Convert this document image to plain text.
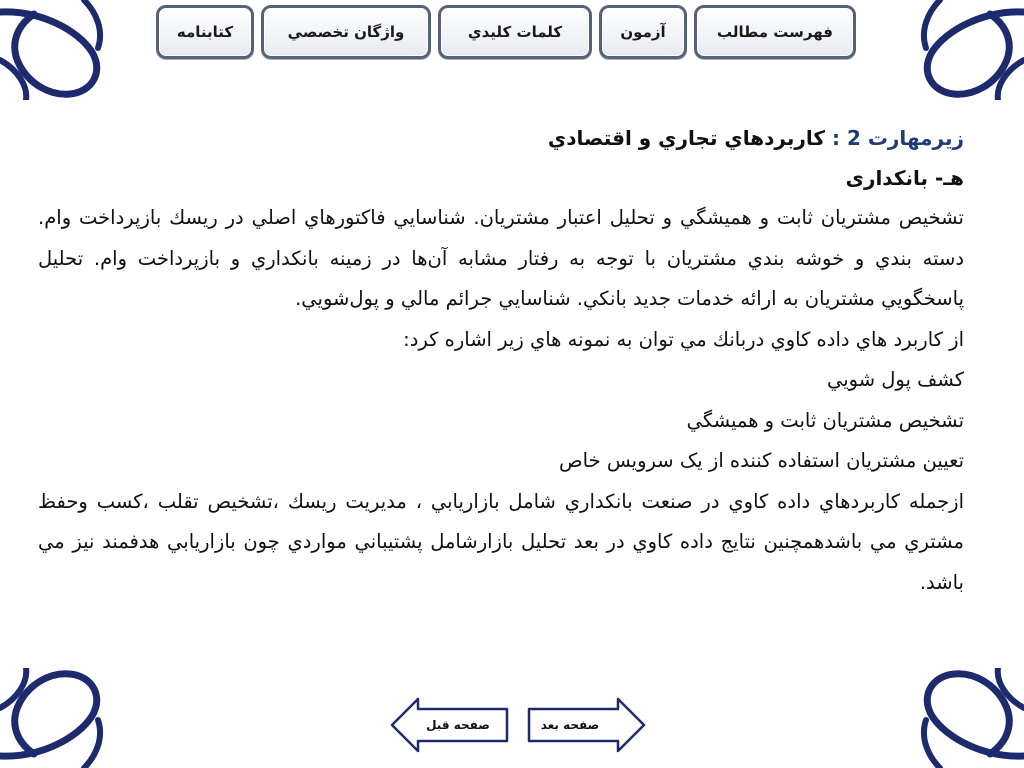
فهرست مطالب
آزمون
كلمات كليدي
واژگان تخصصي
كتابنامه

زيرمهارت 2 : كاربردهاي تجاري و اقتصادي

هـ- بانكداری

تشخيص مشتريان ثابت و هميشگي و تحليل اعتبار مشتريان. شناسايي فاكتورهاي اصلي در ريسك بازپرداخت وام. دسته بندي و خوشه بندي مشتريان با توجه به رفتار مشابه آن‌ها در زمينه بانكداري و بازپرداخت وام. تحليل پاسخگويي مشتريان به ارائه خدمات جديد بانكي. شناسايي جرائم مالي و پول‌شويي.

از كاربرد هاي داده كاوي دربانك مي توان به نمونه هاي زير اشاره كرد:

كشف پول شويي

تشخيص مشتريان ثابت و هميشگي

تعيين مشتريان استفاده كننده از يک سرويس خاص

ازجمله كاربردهاي داده كاوي در صنعت بانكداري شامل بازاريابي ، مديريت ريسك ،تشخيص تقلب ،كسب وحفظ مشتري مي باشدهمچنين نتايج داده كاوي در بعد تحليل بازارشامل پشتيباني مواردي چون بازاريابي هدفمند نيز مي باشد.

صفحه قبل	صفحه بعد
